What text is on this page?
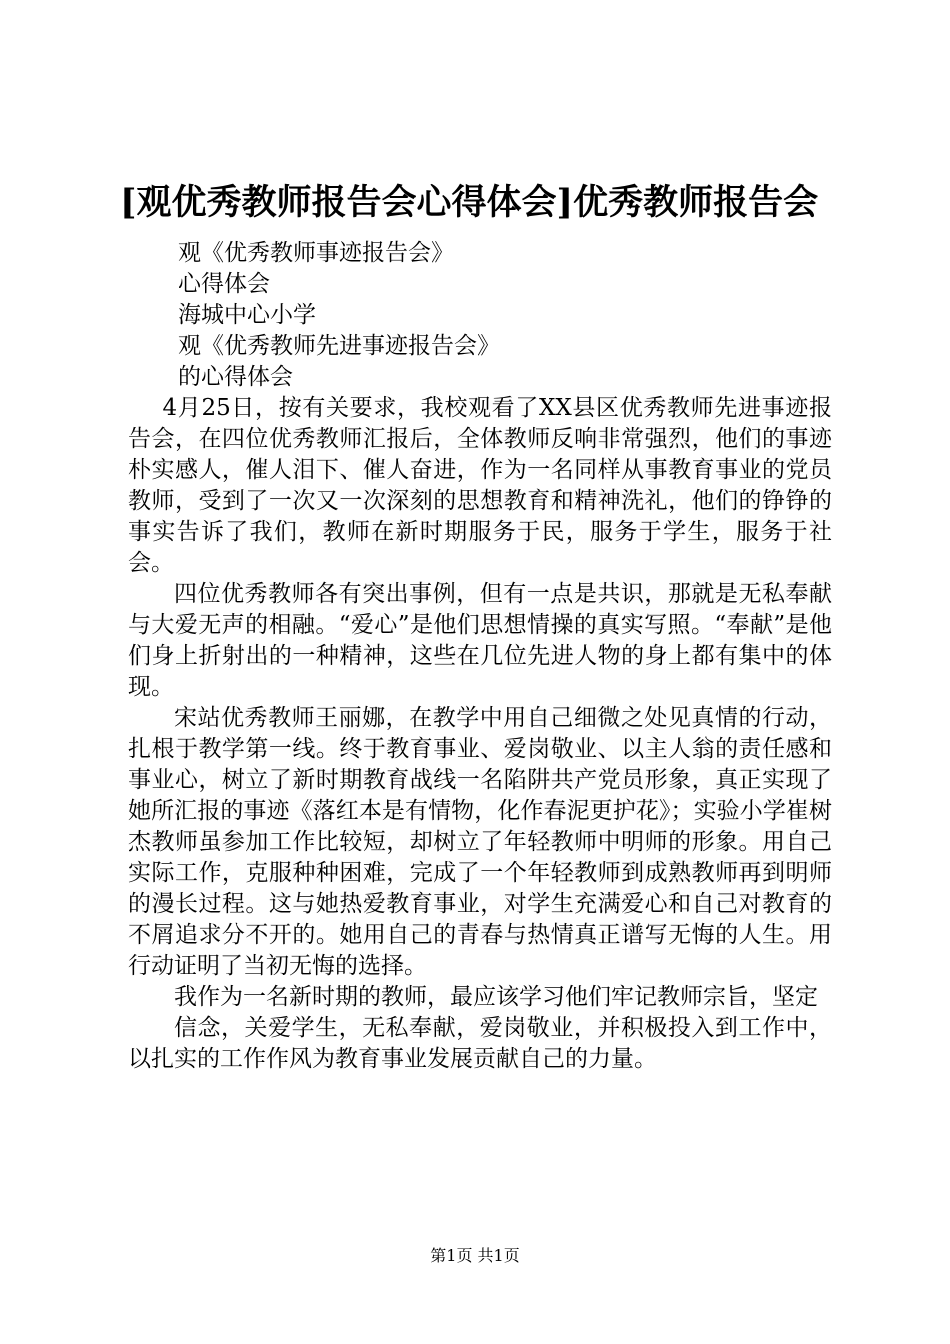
[观优秀教师报告会心得体会]优秀教师报告会
观《优秀教师事迹报告会》
心得体会
海城中心小学
观《优秀教师先进事迹报告会》
的心得体会

4月25日，按有关要求，我校观看了XX县区优秀教师先进事迹报告会，在四位优秀教师汇报后，全体教师反响非常强烈，他们的事迹朴实感人，催人泪下、催人奋进，作为一名同样从事教育事业的党员教师，受到了一次又一次深刻的思想教育和精神洗礼，他们的铮铮的事实告诉了我们，教师在新时期服务于民，服务于学生，服务于社会。

四位优秀教师各有突出事例，但有一点是共识，那就是无私奉献与大爱无声的相融。“爱心”是他们思想情操的真实写照。“奉献”是他们身上折射出的一种精神，这些在几位先进人物的身上都有集中的体现。

宋站优秀教师王丽娜，在教学中用自己细微之处见真情的行动，扎根于教学第一线。终于教育事业、爱岗敬业、以主人翁的责任感和事业心，树立了新时期教育战线一名陷阱共产党员形象，真正实现了她所汇报的事迹《落红本是有情物，化作春泥更护花》；实验小学崔树杰教师虽参加工作比较短，却树立了年轻教师中明师的形象。用自己实际工作，克服种种困难，完成了一个年轻教师到成熟教师再到明师的漫长过程。这与她热爱教育事业，对学生充满爱心和自己对教育的不屑追求分不开的。她用自己的青春与热情真正谱写无悔的人生。用行动证明了当初无悔的选择。

我作为一名新时期的教师，最应该学习他们牢记教师宗旨，坚定

信念，关爱学生，无私奉献，爱岗敬业，并积极投入到工作中，以扎实的工作作风为教育事业发展贡献自己的力量。

第1页 共1页
